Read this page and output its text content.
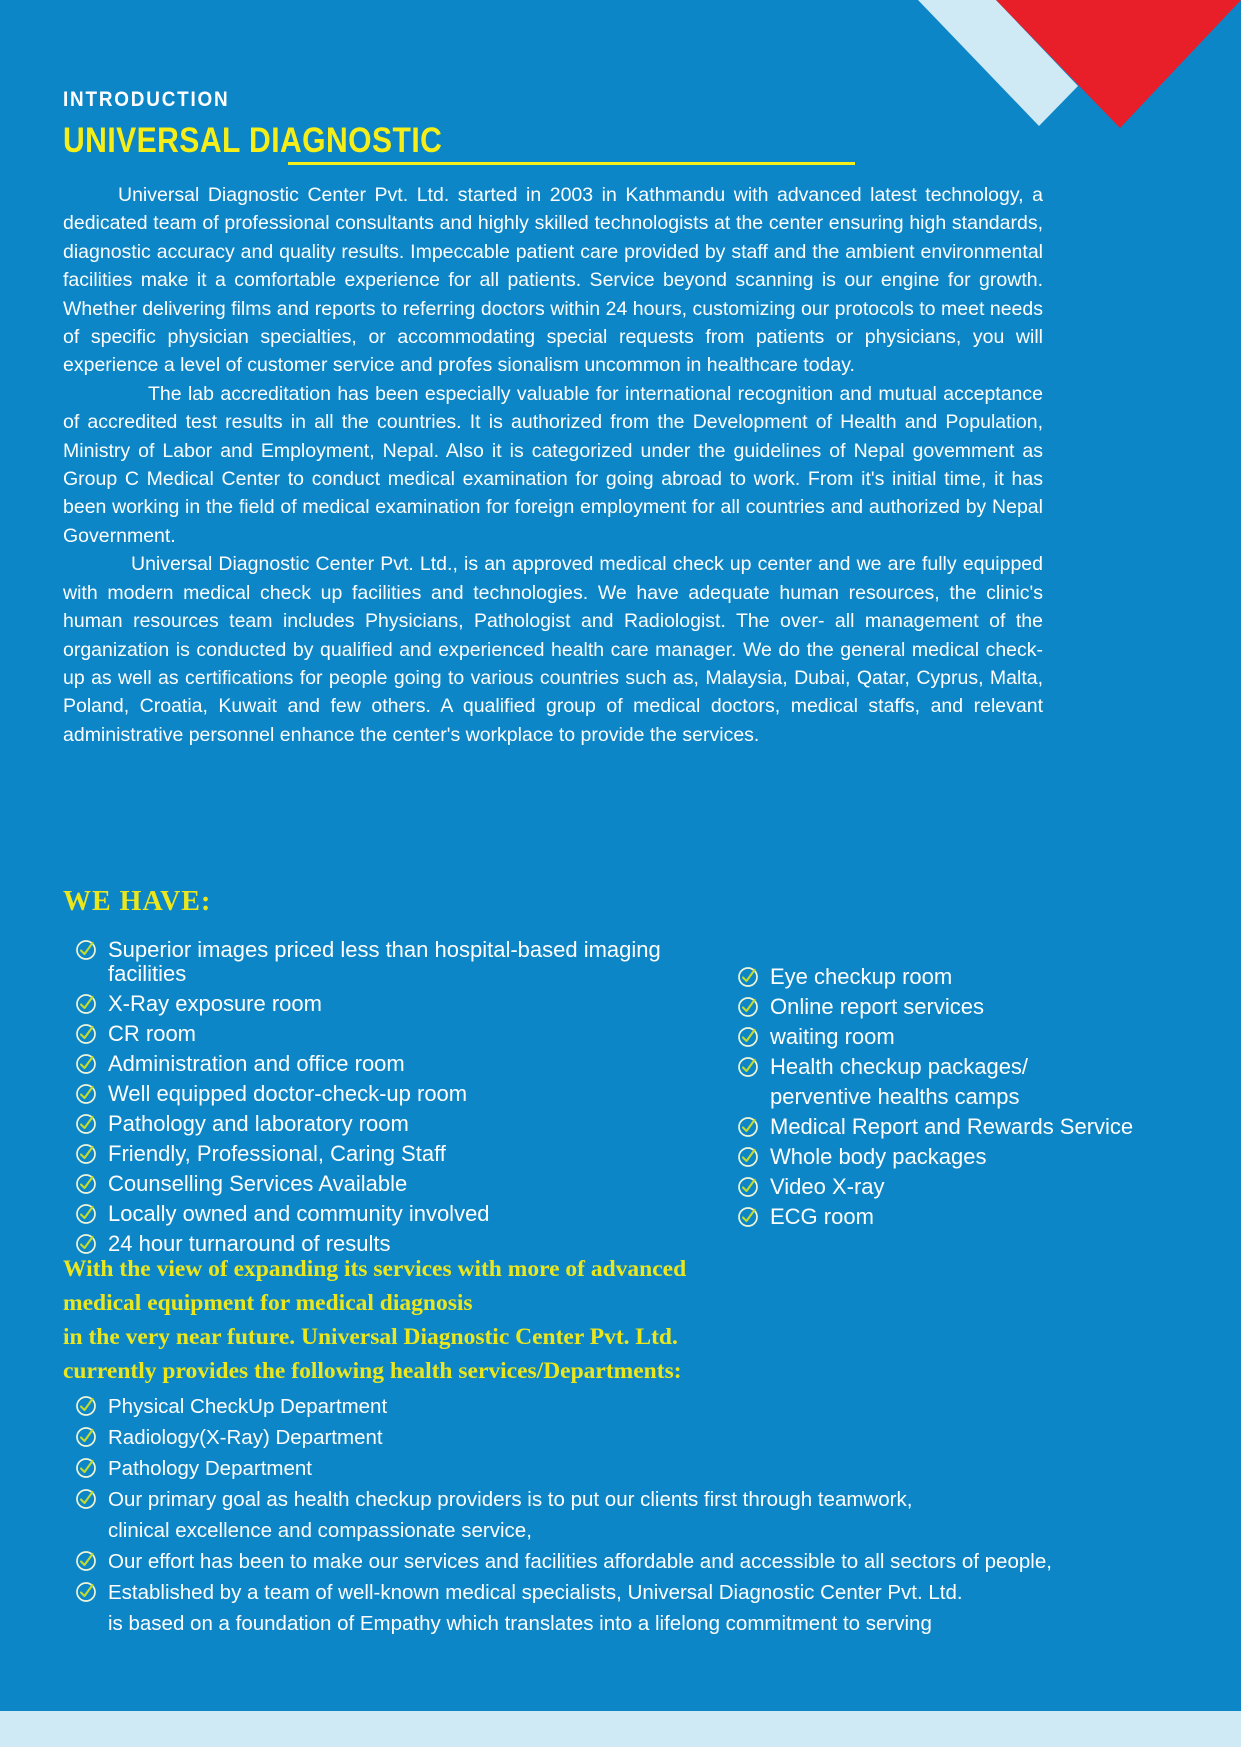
INTRODUCTION
UNIVERSAL DIAGNOSTIC

Universal Diagnostic Center Pvt. Ltd. started in 2003 in Kathmandu with advanced latest technology, a dedicated team of professional consultants and highly skilled technologists at the center ensuring high standards, diagnostic accuracy and quality results. Impeccable patient care provided by staff and the ambient environmental facilities make it a comfortable experience for all patients. Service beyond scanning is our engine for growth. Whether delivering films and reports to referring doctors within 24 hours, customizing our protocols to meet needs of specific physician specialties, or accommodating special requests from patients or physicians, you will experience a level of customer service and profes sionalism uncommon in healthcare today.

The lab accreditation has been especially valuable for international recognition and mutual acceptance of accredited test results in all the countries. It is authorized from the Development of Health and Population, Ministry of Labor and Employment, Nepal. Also it is categorized under the guidelines of Nepal govemment as Group C Medical Center to conduct medical examination for going abroad to work. From it's initial time, it has been working in the field of medical examination for foreign employment for all countries and authorized by Nepal Government.

Universal Diagnostic Center Pvt. Ltd., is an approved medical check up center and we are fully equipped with modern medical check up facilities and technologies. We have adequate human resources, the clinic's human resources team includes Physicians, Pathologist and Radiologist. The over- all management of the organization is conducted by qualified and experienced health care manager. We do the general medical check-up as well as certifications for people going to various countries such as, Malaysia, Dubai, Qatar, Cyprus, Malta, Poland, Croatia, Kuwait and few others. A qualified group of medical doctors, medical staffs, and relevant administrative personnel enhance the center's workplace to provide the services.

WE HAVE:
Superior images priced less than hospital-based imaging facilities
X-Ray exposure room
CR room
Administration and office room
Well equipped doctor-check-up room
Pathology and laboratory room
Friendly, Professional, Caring Staff
Counselling Services Available
Locally owned and community involved
24 hour turnaround of results
Eye checkup room
Online report services
waiting room
Health checkup packages/
perventive healths camps
Medical Report and Rewards Service
Whole body packages
Video X-ray
ECG room
With the view of expanding its services with more of advanced
medical equipment for medical diagnosis
in the very near future. Universal Diagnostic Center Pvt. Ltd.
currently provides the following health services/Departments:
Physical CheckUp Department
Radiology(X-Ray) Department
Pathology Department
Our primary goal as health checkup providers is to put our clients first through teamwork,
clinical excellence and compassionate service,
Our effort has been to make our services and facilities affordable and accessible to all sectors of people,
Established by a team of well-known medical specialists, Universal Diagnostic Center Pvt. Ltd.
is based on a foundation of Empathy which translates into a lifelong commitment to serving
